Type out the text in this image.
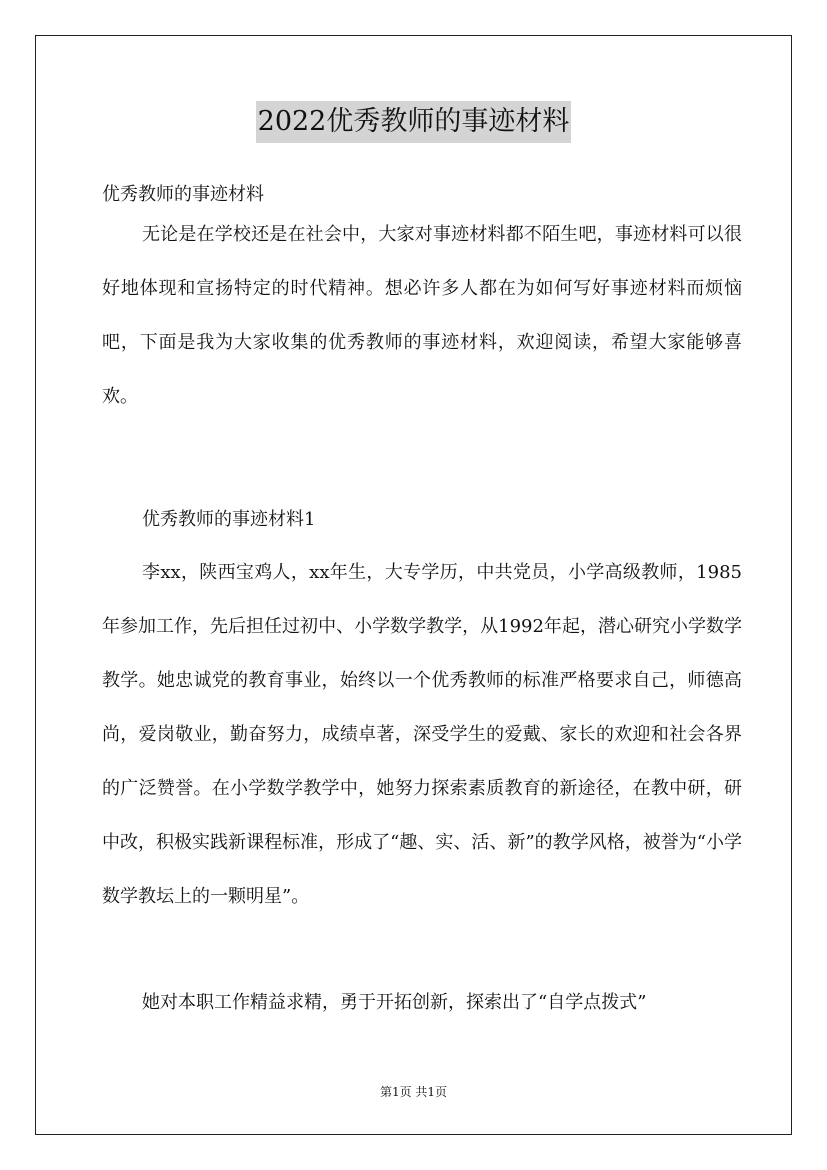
2022优秀教师的事迹材料

优秀教师的事迹材料

无论是在学校还是在社会中，大家对事迹材料都不陌生吧，事迹材料可以很好地体现和宣扬特定的时代精神。想必许多人都在为如何写好事迹材料而烦恼吧，下面是我为大家收集的优秀教师的事迹材料，欢迎阅读，希望大家能够喜欢。

优秀教师的事迹材料1

李xx，陕西宝鸡人，xx年生，大专学历，中共党员，小学高级教师，1985年参加工作，先后担任过初中、小学数学教学，从1992年起，潜心研究小学数学教学。她忠诚党的教育事业，始终以一个优秀教师的标准严格要求自己，师德高尚，爱岗敬业，勤奋努力，成绩卓著，深受学生的爱戴、家长的欢迎和社会各界的广泛赞誉。在小学数学教学中，她努力探索素质教育的新途径，在教中研，研中改，积极实践新课程标准，形成了“趣、实、活、新”的教学风格，被誉为“小学数学教坛上的一颗明星”。

她对本职工作精益求精，勇于开拓创新，探索出了“自学点拨式”

第1页 共1页
